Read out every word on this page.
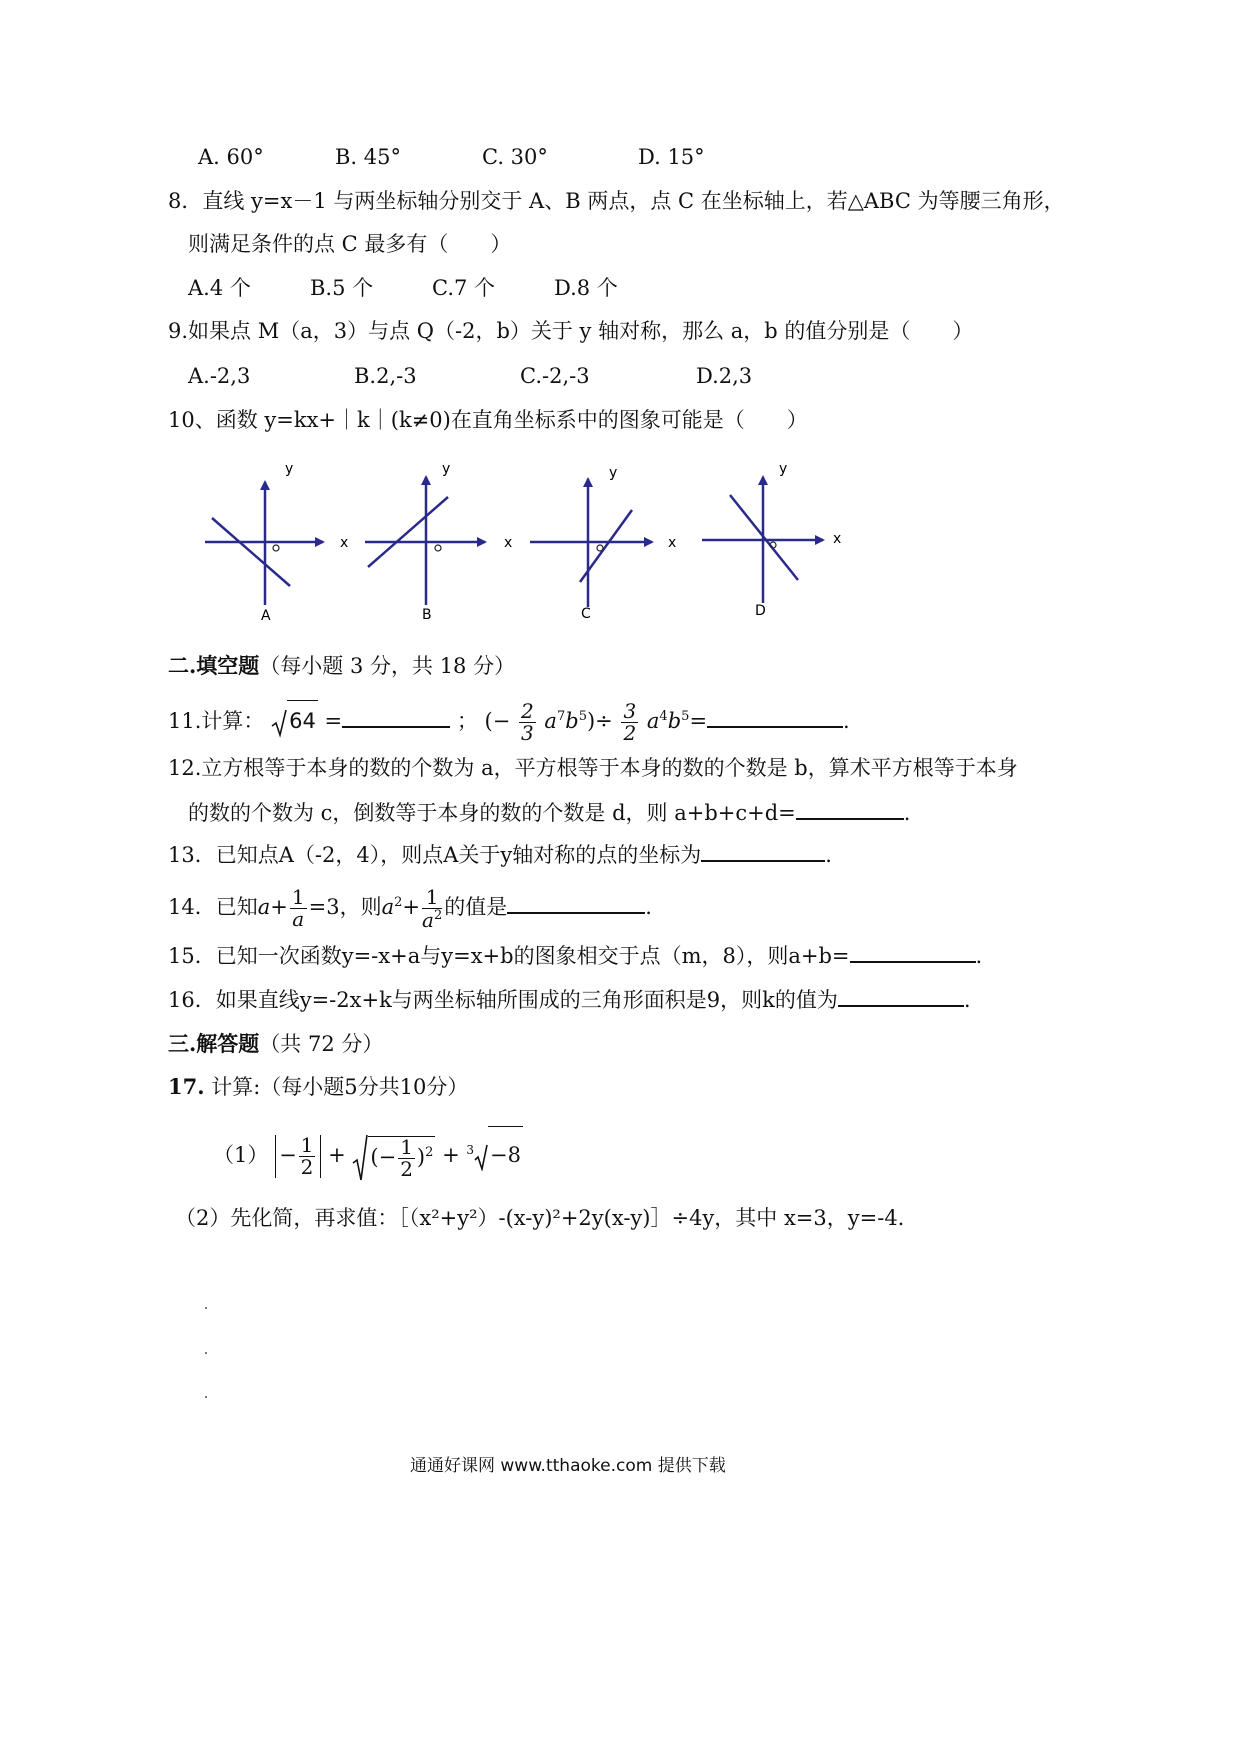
A. 60°	B. 45°	C. 30°	D. 15°
8．直线 y=x－1 与两坐标轴分别交于 A、B 两点，点 C 在坐标轴上，若△ABC 为等腰三角形，
则满足条件的点 C 最多有（　　）
A.4 个	B.5 个	C.7 个	D.8 个
9.如果点 M（a，3）与点 Q（-2，b）关于 y 轴对称，那么 a，b 的值分别是（　　）
A.-2,3	B.2,-3	C.-2,-3	D.2,3
10、函数 y=kx+｜k｜(k≠0)在直角坐标系中的图象可能是（　　）
y
x
A
y
x
B
y
x
C
y
x
D
二.填空题（每小题 3 分，共 18 分）
11.计算： 64 =	； (− $\frac{2}{3} a^7b^5)\div \frac{3}{2} a^4b^5=$	.
12.立方根等于本身的数的个数为 a，平方根等于本身的数的个数是 b，算术平方根等于本身
的数的个数为 c，倒数等于本身的数的个数是 d，则 a+b+c+d=	.
13．已知点A（-2，4），则点A关于y轴对称的点的坐标为	.
14．已知$a+ \frac{1}{a} =3$，则$a^2+ \frac{1}{a^2}$ 的值是	.
15．已知一次函数y=-x+a与y=x+b的图象相交于点（m，8），则a+b=	.
16．如果直线y=-2x+k与两坐标轴所围成的三角形面积是9，则k的值为	.
三.解答题（共 72 分）
17. 计算:（每小题5分共10分）
$(1) - \frac{1}{2}$ + (− $\frac{1}{2} )^2 + ^3 -8$
（2）先化简，再求值：［（x²+y²）-(x-y)²+2y(x-y)］÷4y，其中 x=3，y=-4.
通通好课网 www.tthaoke.com 提供下载
